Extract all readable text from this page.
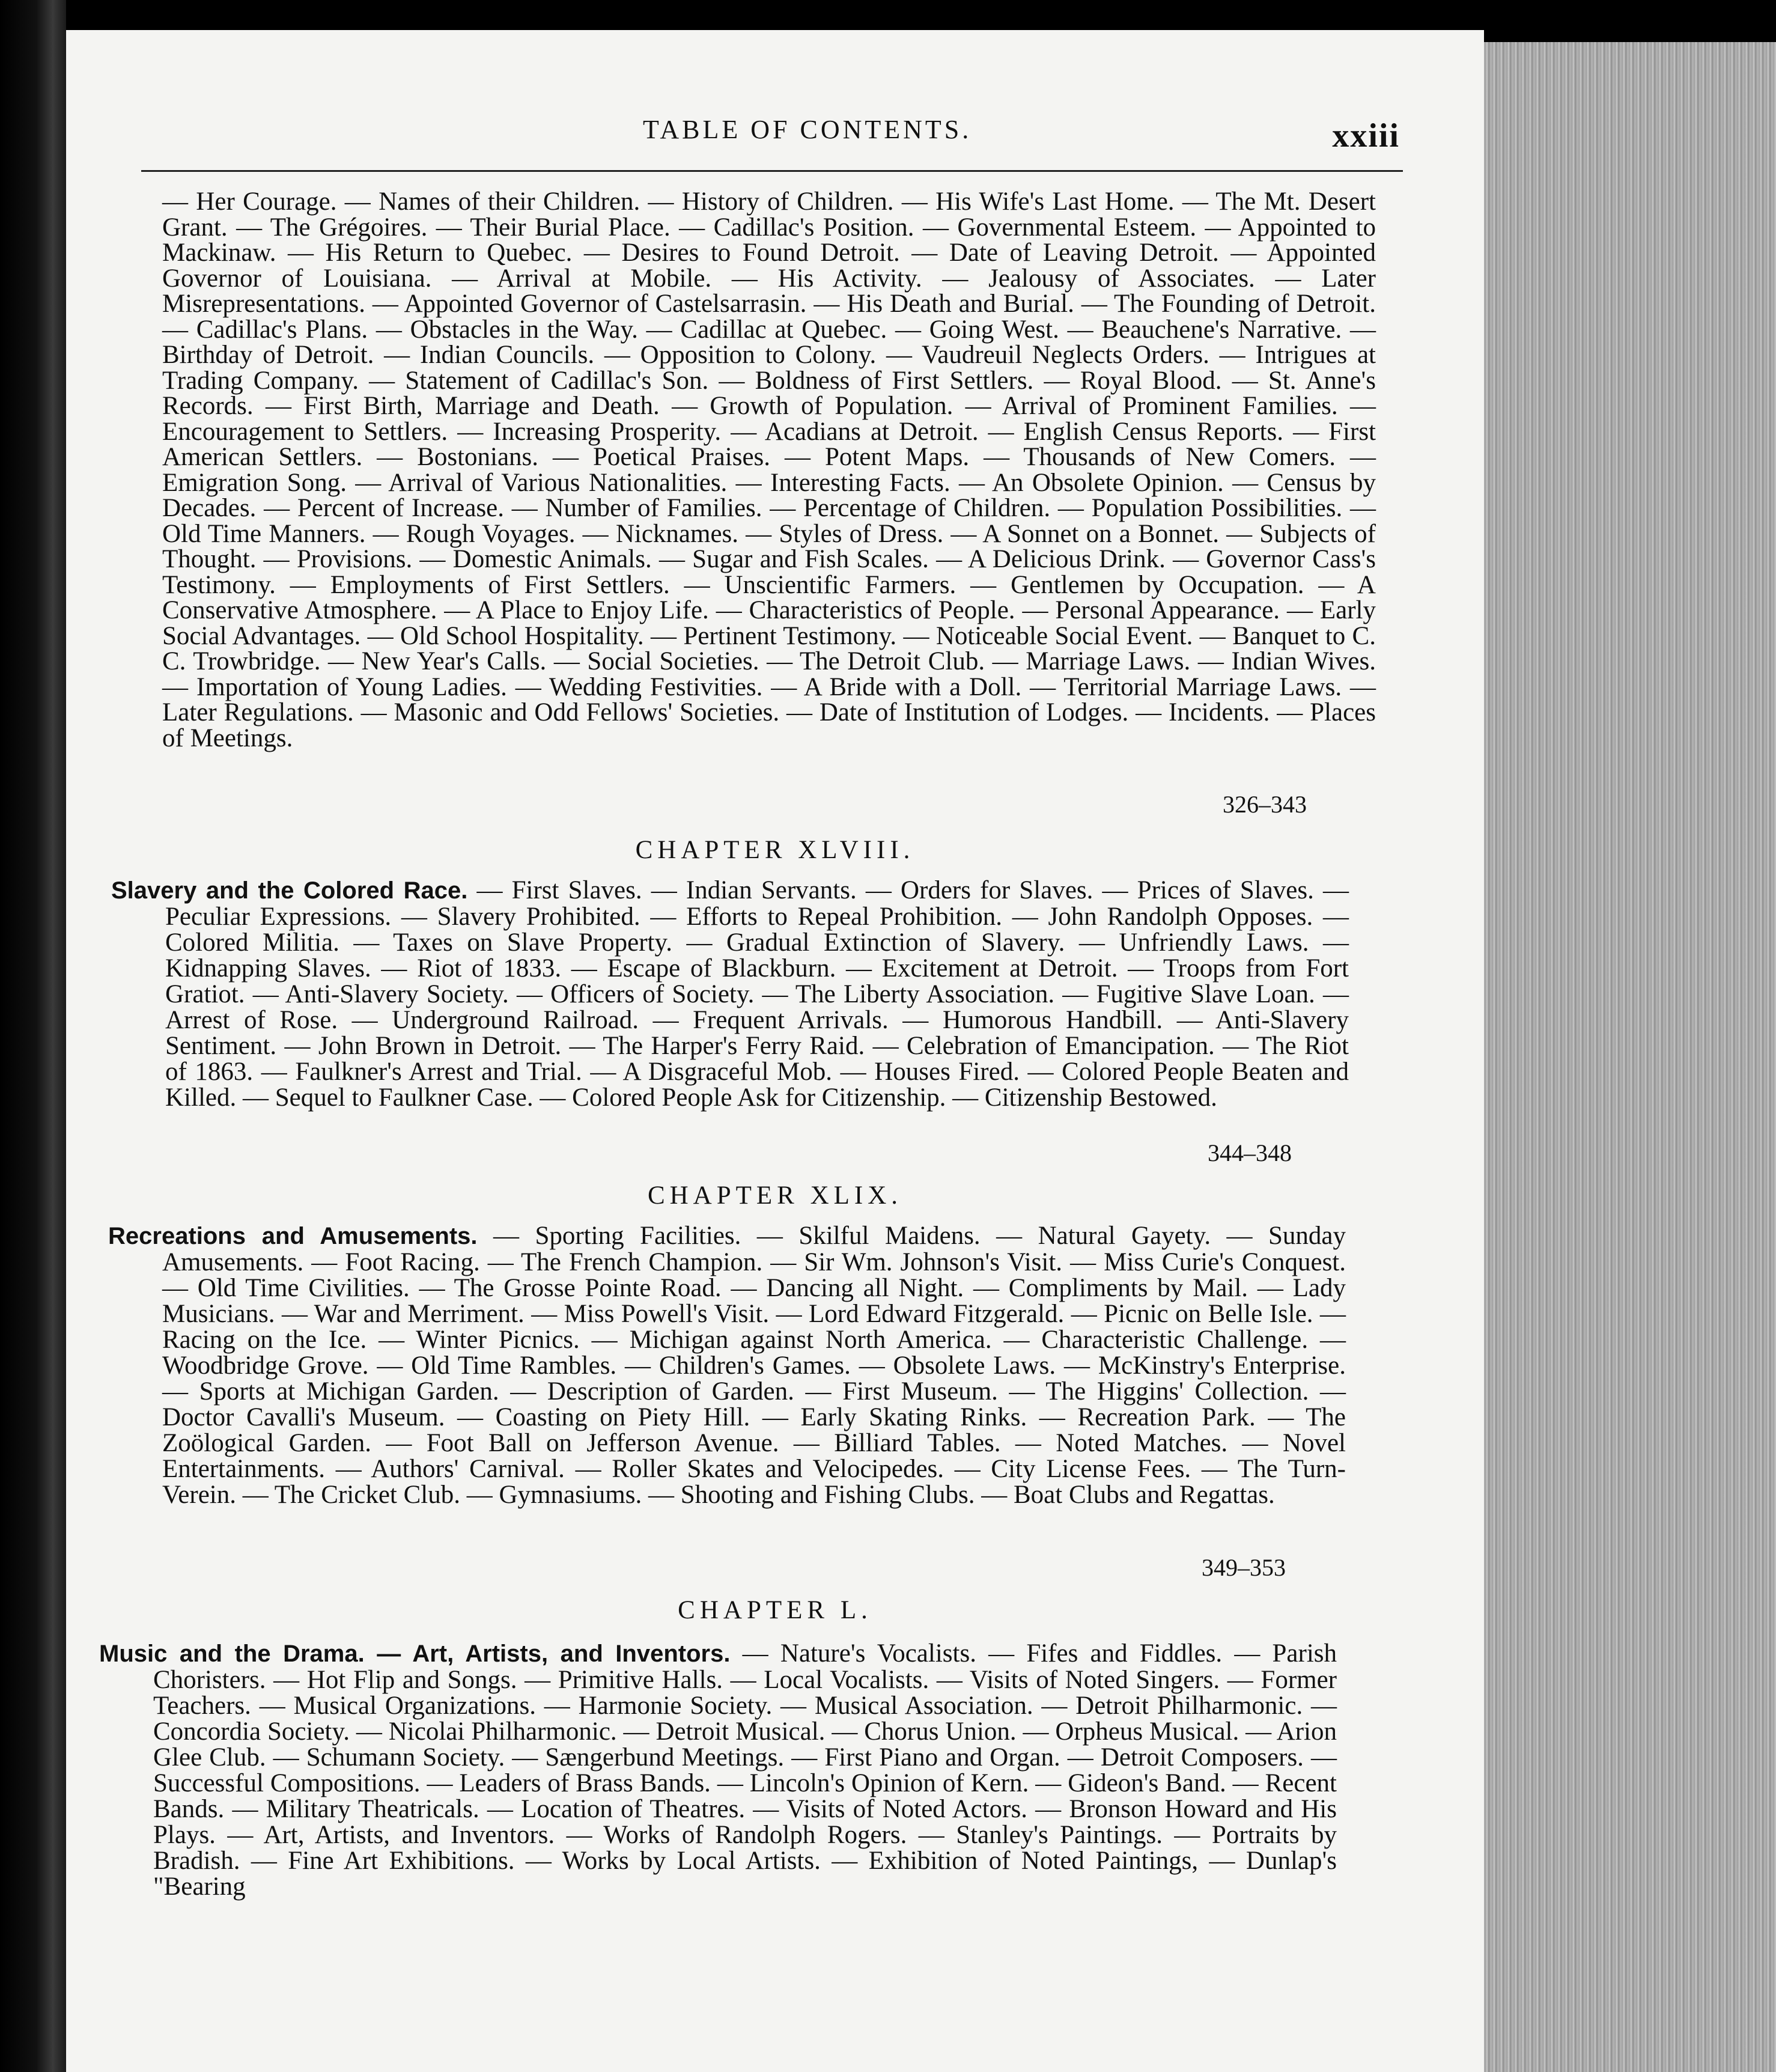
TABLE OF CONTENTS.	xxiii

— Her Courage. — Names of their Children. — History of Children. — His Wife's Last Home. — The Mt. Desert Grant. — The Grégoires. — Their Burial Place. — Cadillac's Position. — Governmental Esteem. — Appointed to Mackinaw. — His Return to Quebec. — Desires to Found Detroit. — Date of Leaving Detroit. — Appointed Governor of Louisiana. — Arrival at Mobile. — His Activity. — Jealousy of Associates. — Later Misrepresentations. — Appointed Governor of Castelsarrasin. — His Death and Burial. — The Founding of Detroit. — Cadillac's Plans. — Obstacles in the Way. — Cadillac at Quebec. — Going West. — Beauchene's Narrative. — Birthday of Detroit. — Indian Councils. — Opposition to Colony. — Vaudreuil Neglects Orders. — Intrigues at Trading Company. — Statement of Cadillac's Son. — Boldness of First Settlers. — Royal Blood. — St. Anne's Records. — First Birth, Marriage and Death. — Growth of Population. — Arrival of Prominent Families. — Encouragement to Settlers. — Increasing Prosperity. — Acadians at Detroit. — English Census Reports. — First American Settlers. — Bostonians. — Poetical Praises. — Potent Maps. — Thousands of New Comers. — Emigration Song. — Arrival of Various Nationalities. — Interesting Facts. — An Obsolete Opinion. — Census by Decades. — Percent of Increase. — Number of Families. — Percentage of Children. — Population Possibilities. — Old Time Manners. — Rough Voyages. — Nicknames. — Styles of Dress. — A Sonnet on a Bonnet. — Subjects of Thought. — Provisions. — Domestic Animals. — Sugar and Fish Scales. — A Delicious Drink. — Governor Cass's Testimony. — Employments of First Settlers. — Unscientific Farmers. — Gentlemen by Occupation. — A Conservative Atmosphere. — A Place to Enjoy Life. — Characteristics of People. — Personal Appearance. — Early Social Advantages. — Old School Hospitality. — Pertinent Testimony. — Noticeable Social Event. — Banquet to C. C. Trowbridge. — New Year's Calls. — Social Societies. — The Detroit Club. — Marriage Laws. — Indian Wives. — Importation of Young Ladies. — Wedding Festivities. — A Bride with a Doll. — Territorial Marriage Laws. — Later Regulations. — Masonic and Odd Fellows' Societies. — Date of Institution of Lodges. — Incidents. — Places of Meetings.

326–343
CHAPTER XLVIII.

Slavery and the Colored Race. — First Slaves. — Indian Servants. — Orders for Slaves. — Prices of Slaves. — Peculiar Expressions. — Slavery Prohibited. — Efforts to Repeal Prohibition. — John Randolph Opposes. — Colored Militia. — Taxes on Slave Property. — Gradual Extinction of Slavery. — Unfriendly Laws. — Kidnapping Slaves. — Riot of 1833. — Escape of Blackburn. — Excitement at Detroit. — Troops from Fort Gratiot. — Anti-Slavery Society. — Officers of Society. — The Liberty Association. — Fugitive Slave Loan. — Arrest of Rose. — Underground Railroad. — Frequent Arrivals. — Humorous Handbill. — Anti-Slavery Sentiment. — John Brown in Detroit. — The Harper's Ferry Raid. — Celebration of Emancipation. — The Riot of 1863. — Faulkner's Arrest and Trial. — A Disgraceful Mob. — Houses Fired. — Colored People Beaten and Killed. — Sequel to Faulkner Case. — Colored People Ask for Citizenship. — Citizenship Bestowed.

344–348
CHAPTER XLIX.

Recreations and Amusements. — Sporting Facilities. — Skilful Maidens. — Natural Gayety. — Sunday Amusements. — Foot Racing. — The French Champion. — Sir Wm. Johnson's Visit. — Miss Curie's Conquest. — Old Time Civilities. — The Grosse Pointe Road. — Dancing all Night. — Compliments by Mail. — Lady Musicians. — War and Merriment. — Miss Powell's Visit. — Lord Edward Fitzgerald. — Picnic on Belle Isle. — Racing on the Ice. — Winter Picnics. — Michigan against North America. — Characteristic Challenge. — Woodbridge Grove. — Old Time Rambles. — Children's Games. — Obsolete Laws. — McKinstry's Enterprise. — Sports at Michigan Garden. — Description of Garden. — First Museum. — The Higgins' Collection. — Doctor Cavalli's Museum. — Coasting on Piety Hill. — Early Skating Rinks. — Recreation Park. — The Zoölogical Garden. — Foot Ball on Jefferson Avenue. — Billiard Tables. — Noted Matches. — Novel Entertainments. — Authors' Carnival. — Roller Skates and Velocipedes. — City License Fees. — The Turn-Verein. — The Cricket Club. — Gymnasiums. — Shooting and Fishing Clubs. — Boat Clubs and Regattas.

349–353
CHAPTER L.

Music and the Drama. — Art, Artists, and Inventors. — Nature's Vocalists. — Fifes and Fiddles. — Parish Choristers. — Hot Flip and Songs. — Primitive Halls. — Local Vocalists. — Visits of Noted Singers. — Former Teachers. — Musical Organizations. — Harmonie Society. — Musical Association. — Detroit Philharmonic. — Concordia Society. — Nicolai Philharmonic. — Detroit Musical. — Chorus Union. — Orpheus Musical. — Arion Glee Club. — Schumann Society. — Sængerbund Meetings. — First Piano and Organ. — Detroit Composers. — Successful Compositions. — Leaders of Brass Bands. — Lincoln's Opinion of Kern. — Gideon's Band. — Recent Bands. — Military Theatricals. — Location of Theatres. — Visits of Noted Actors. — Bronson Howard and His Plays. — Art, Artists, and Inventors. — Works of Randolph Rogers. — Stanley's Paintings. — Portraits by Bradish. — Fine Art Exhibitions. — Works by Local Artists. — Exhibition of Noted Paintings, — Dunlap's "Bearing
